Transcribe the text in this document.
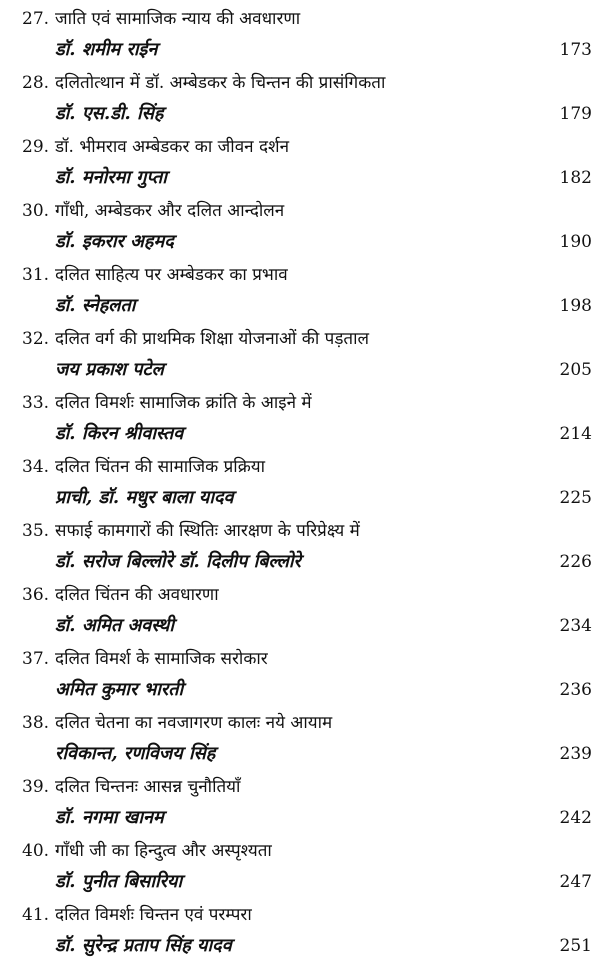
27. जाति एवं सामाजिक न्याय की अवधारणा
डॉ. शमीम राईन	173
28. दलितोत्थान में डॉ. अम्बेडकर के चिन्तन की प्रासंगिकता
डॉ. एस.डी. सिंह	179
29. डॉ. भीमराव अम्बेडकर का जीवन दर्शन
डॉ. मनोरमा गुप्ता	182
30. गाँधी, अम्बेडकर और दलित आन्दोलन
डॉ. इकरार अहमद	190
31. दलित साहित्य पर अम्बेडकर का प्रभाव
डॉ. स्नेहलता	198
32. दलित वर्ग की प्राथमिक शिक्षा योजनाओं की पड़ताल
जय प्रकाश पटेल	205
33. दलित विमर्शः सामाजिक क्रांति के आइने में
डॉ. किरन श्रीवास्तव	214
34. दलित चिंतन की सामाजिक प्रक्रिया
प्राची, डॉ. मधुर बाला यादव	225
35. सफाई कामगारों की स्थितिः आरक्षण के परिप्रेक्ष्य में
डॉ. सरोज बिल्लोरे डॉ. दिलीप बिल्लोरे	226
36. दलित चिंतन की अवधारणा
डॉ. अमित अवस्थी	234
37. दलित विमर्श के सामाजिक सरोकार
अमित कुमार भारती	236
38. दलित चेतना का नवजागरण कालः नये आयाम
रविकान्त, रणविजय सिंह	239
39. दलित चिन्तनः आसन्न चुनौतियाँ
डॉ. नगमा खानम	242
40. गाँधी जी का हिन्दुत्व और अस्पृश्यता
डॉ. पुनीत बिसारिया	247
41. दलित विमर्शः चिन्तन एवं परम्परा
डॉ. सुरेन्द्र प्रताप सिंह यादव	251
